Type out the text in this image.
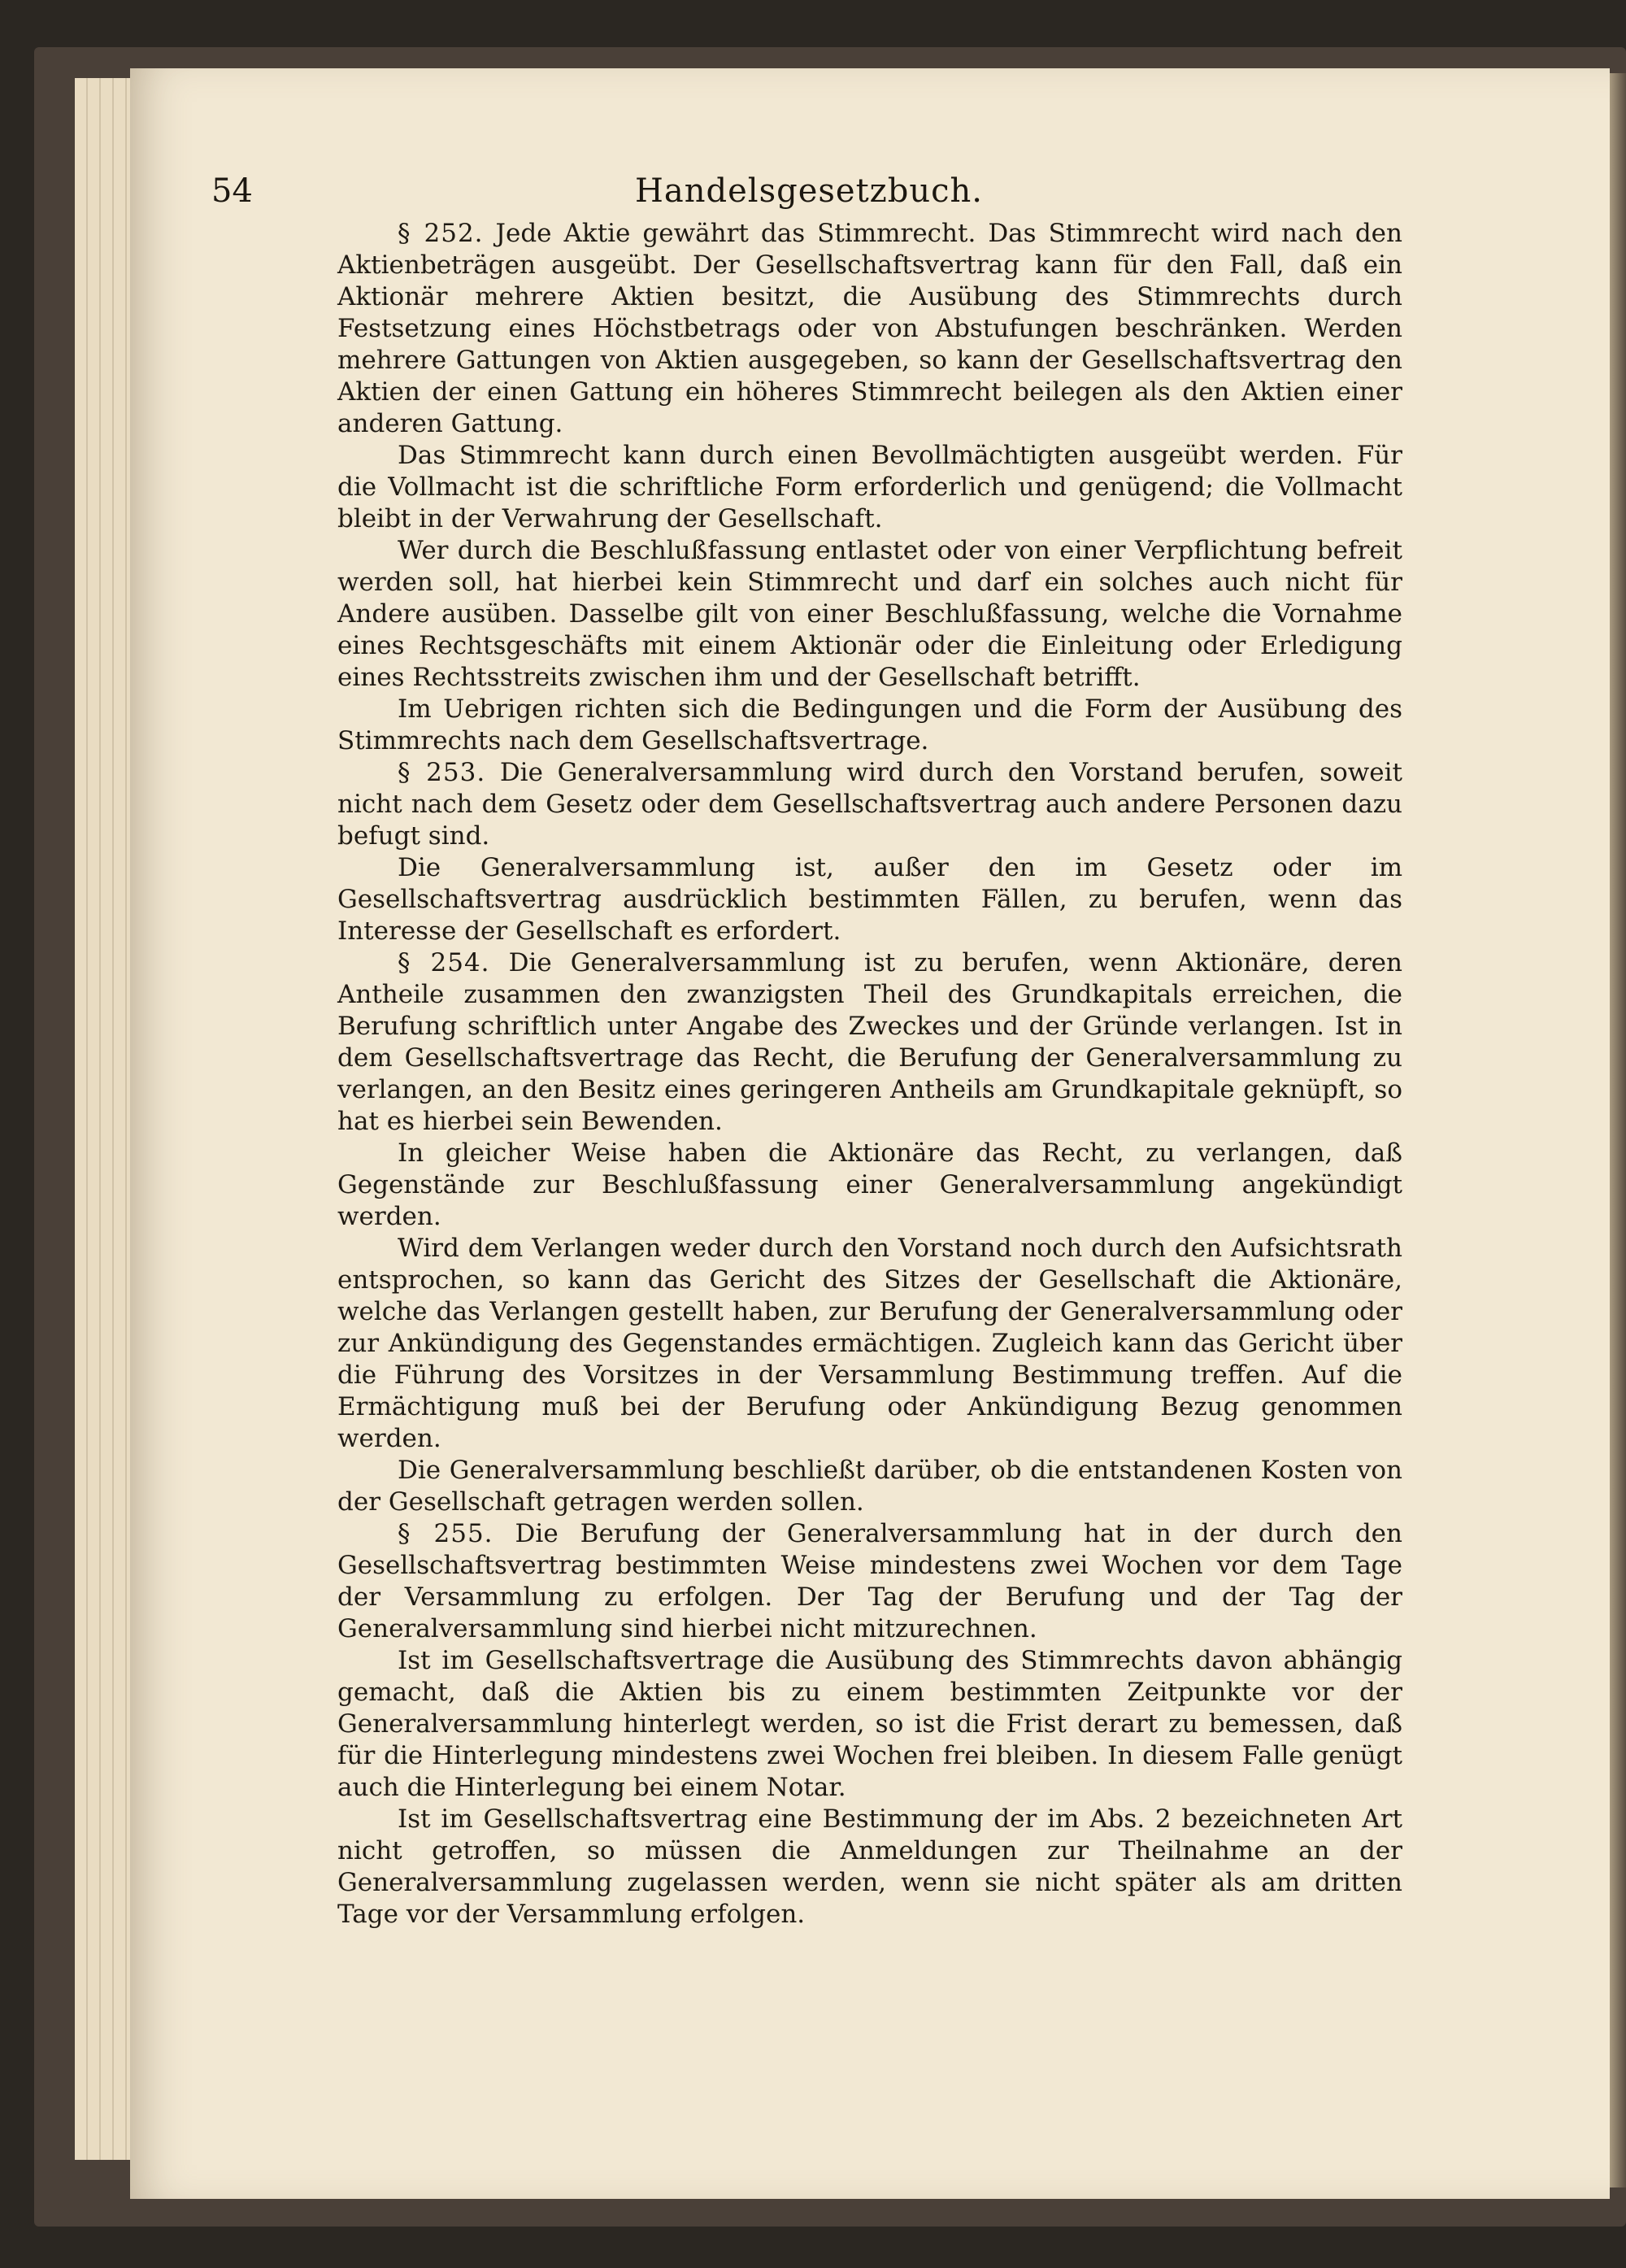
54	Handelsgesetzbuch.

§ 252. Jede Aktie gewährt das Stimmrecht. Das Stimmrecht wird nach den Aktienbeträgen ausgeübt. Der Gesellschaftsvertrag kann für den Fall, daß ein Aktionär mehrere Aktien besitzt, die Ausübung des Stimmrechts durch Festsetzung eines Höchstbetrags oder von Abstufungen beschränken. Werden mehrere Gattungen von Aktien ausgegeben, so kann der Gesellschaftsvertrag den Aktien der einen Gattung ein höheres Stimmrecht beilegen als den Aktien einer anderen Gattung.

Das Stimmrecht kann durch einen Bevollmächtigten ausgeübt werden. Für die Vollmacht ist die schriftliche Form erforderlich und genügend; die Vollmacht bleibt in der Verwahrung der Gesellschaft.

Wer durch die Beschlußfassung entlastet oder von einer Verpflichtung befreit werden soll, hat hierbei kein Stimmrecht und darf ein solches auch nicht für Andere ausüben. Dasselbe gilt von einer Beschlußfassung, welche die Vornahme eines Rechtsgeschäfts mit einem Aktionär oder die Einleitung oder Erledigung eines Rechtsstreits zwischen ihm und der Gesellschaft betrifft.

Im Uebrigen richten sich die Bedingungen und die Form der Ausübung des Stimmrechts nach dem Gesellschaftsvertrage.

§ 253. Die Generalversammlung wird durch den Vorstand berufen, soweit nicht nach dem Gesetz oder dem Gesellschaftsvertrag auch andere Personen dazu befugt sind.

Die Generalversammlung ist, außer den im Gesetz oder im Gesellschaftsvertrag ausdrücklich bestimmten Fällen, zu berufen, wenn das Interesse der Gesellschaft es erfordert.

§ 254. Die Generalversammlung ist zu berufen, wenn Aktionäre, deren Antheile zusammen den zwanzigsten Theil des Grundkapitals erreichen, die Berufung schriftlich unter Angabe des Zweckes und der Gründe verlangen. Ist in dem Gesellschaftsvertrage das Recht, die Berufung der Generalversammlung zu verlangen, an den Besitz eines geringeren Antheils am Grundkapitale geknüpft, so hat es hierbei sein Bewenden.

In gleicher Weise haben die Aktionäre das Recht, zu verlangen, daß Gegenstände zur Beschlußfassung einer Generalversammlung angekündigt werden.

Wird dem Verlangen weder durch den Vorstand noch durch den Aufsichtsrath entsprochen, so kann das Gericht des Sitzes der Gesellschaft die Aktionäre, welche das Verlangen gestellt haben, zur Berufung der Generalversammlung oder zur Ankündigung des Gegenstandes ermächtigen. Zugleich kann das Gericht über die Führung des Vorsitzes in der Versammlung Bestimmung treffen. Auf die Ermächtigung muß bei der Berufung oder Ankündigung Bezug genommen werden.

Die Generalversammlung beschließt darüber, ob die entstandenen Kosten von der Gesellschaft getragen werden sollen.

§ 255. Die Berufung der Generalversammlung hat in der durch den Gesellschaftsvertrag bestimmten Weise mindestens zwei Wochen vor dem Tage der Versammlung zu erfolgen. Der Tag der Berufung und der Tag der Generalversammlung sind hierbei nicht mitzurechnen.

Ist im Gesellschaftsvertrage die Ausübung des Stimmrechts davon abhängig gemacht, daß die Aktien bis zu einem bestimmten Zeitpunkte vor der Generalversammlung hinterlegt werden, so ist die Frist derart zu bemessen, daß für die Hinterlegung mindestens zwei Wochen frei bleiben. In diesem Falle genügt auch die Hinterlegung bei einem Notar.

Ist im Gesellschaftsvertrag eine Bestimmung der im Abs. 2 bezeichneten Art nicht getroffen, so müssen die Anmeldungen zur Theilnahme an der Generalversammlung zugelassen werden, wenn sie nicht später als am dritten Tage vor der Versammlung erfolgen.
